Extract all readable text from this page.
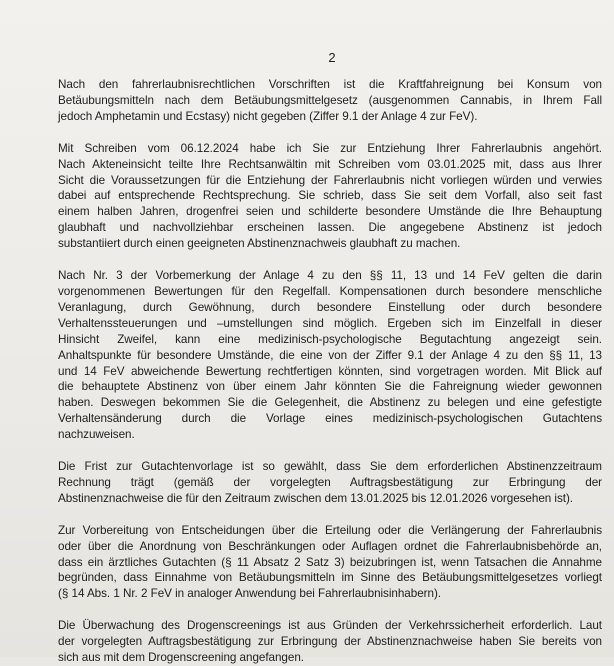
2

Nach den fahrerlaubnisrechtlichen Vorschriften ist die Kraftfahreignung bei Konsum von
Betäubungsmitteln nach dem Betäubungsmittelgesetz (ausgenommen Cannabis, in Ihrem Fall
jedoch Amphetamin und Ecstasy) nicht gegeben (Ziffer 9.1 der Anlage 4 zur FeV).

Mit Schreiben vom 06.12.2024 habe ich Sie zur Entziehung Ihrer Fahrerlaubnis angehört.
Nach Akteneinsicht teilte Ihre Rechtsanwältin mit Schreiben vom 03.01.2025 mit, dass aus Ihrer
Sicht die Voraussetzungen für die Entziehung der Fahrerlaubnis nicht vorliegen würden und verwies
dabei auf entsprechende Rechtsprechung. Sie schrieb, dass Sie seit dem Vorfall, also seit fast
einem halben Jahren, drogenfrei seien und schilderte besondere Umstände die Ihre Behauptung
glaubhaft und nachvollziehbar erscheinen lassen. Die angegebene Abstinenz ist jedoch
substantiiert durch einen geeigneten Abstinenznachweis glaubhaft zu machen.

Nach Nr. 3 der Vorbemerkung der Anlage 4 zu den §§ 11, 13 und 14 FeV gelten die darin
vorgenommenen Bewertungen für den Regelfall. Kompensationen durch besondere menschliche
Veranlagung, durch Gewöhnung, durch besondere Einstellung oder durch besondere
Verhaltenssteuerungen und –umstellungen sind möglich. Ergeben sich im Einzelfall in dieser
Hinsicht Zweifel, kann eine medizinisch-psychologische Begutachtung angezeigt sein.
Anhaltspunkte für besondere Umstände, die eine von der Ziffer 9.1 der Anlage 4 zu den §§ 11, 13
und 14 FeV abweichende Bewertung rechtfertigen könnten, sind vorgetragen worden. Mit Blick auf
die behauptete Abstinenz von über einem Jahr könnten Sie die Fahreignung wieder gewonnen
haben. Deswegen bekommen Sie die Gelegenheit, die Abstinenz zu belegen und eine gefestigte
Verhaltensänderung durch die Vorlage eines medizinisch-psychologischen Gutachtens
nachzuweisen.

Die Frist zur Gutachtenvorlage ist so gewählt, dass Sie dem erforderlichen Abstinenzzeitraum
Rechnung trägt (gemäß der vorgelegten Auftragsbestätigung zur Erbringung der
Abstinenznachweise die für den Zeitraum zwischen dem 13.01.2025 bis 12.01.2026 vorgesehen ist).

Zur Vorbereitung von Entscheidungen über die Erteilung oder die Verlängerung der Fahrerlaubnis
oder über die Anordnung von Beschränkungen oder Auflagen ordnet die Fahrerlaubnisbehörde an,
dass ein ärztliches Gutachten (§ 11 Absatz 2 Satz 3) beizubringen ist, wenn Tatsachen die Annahme
begründen, dass Einnahme von Betäubungsmitteln im Sinne des Betäubungsmittelgesetzes vorliegt
(§ 14 Abs. 1 Nr. 2 FeV in analoger Anwendung bei Fahrerlaubnisinhabern).

Die Überwachung des Drogenscreenings ist aus Gründen der Verkehrssicherheit erforderlich. Laut
der vorgelegten Auftragsbestätigung zur Erbringung der Abstinenznachweise haben Sie bereits von
sich aus mit dem Drogenscreening angefangen.
